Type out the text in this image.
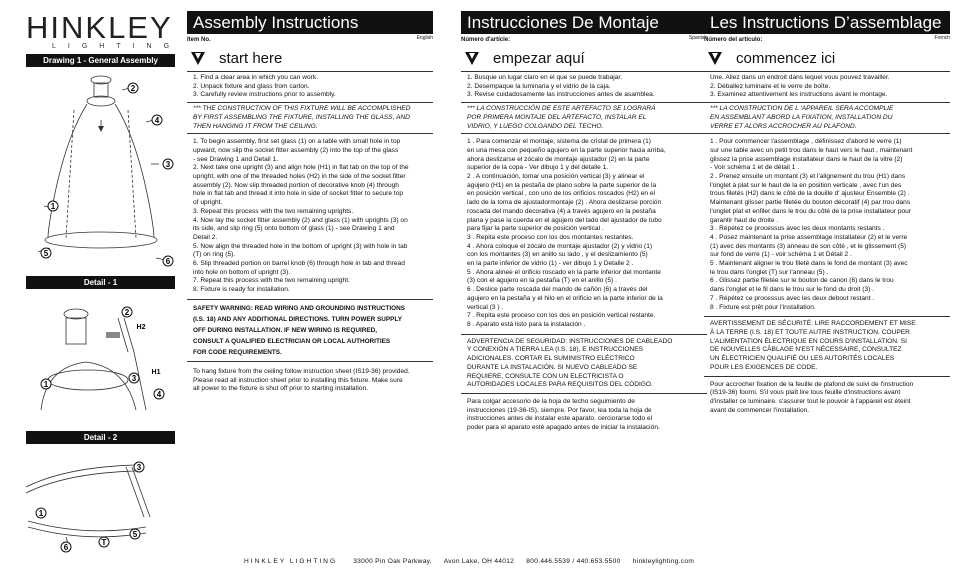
HINKLEY
LIGHTING
Drawing 1 - General Assembly
2
4
3
1
5
6
Detail - 1
2
H2
3
H1
1
4
Detail - 2
3
1
5
6
T
Assembly Instructions
Item No.	English
start here
1. Find a clear area in which you can work.
2. Unpack fixture and glass from carton.
3. Carefully review instructions prior to assembly.
*** THE CONSTRUCTION OF THIS FIXTURE WILL BE ACCOMPLISHED
BY FIRST ASSEMBLING THE FIXTURE, INSTALLING THE GLASS, AND
THEN HANGING IT FROM THE CEILING.
1. To begin assembly, first set glass (1) on a table with small hole in top
upward, now slip the socket fitter assembly (2) into the top of the glass
- see Drawing 1 and Detail 1.
2. Next take one upright (3) and align hole (H1) in flat tab on the top of the
upright, with one of the threaded holes (H2) in the side of the socket fitter
assembly (2). Now slip threaded portion of decorative knob (4) through
hole in flat tab and thread it into hole in side of socket fitter to secure top
of upright.
3. Repeat this process with the two remaining uprights.
4. Now lay the socket fitter assembly (2) and glass (1) with uprights (3) on
its side, and slip ring (5) onto bottom of glass (1) - see Drawing 1 and
Detail 2.
5. Now align the threaded hole in the bottom of upright (3) with hole in tab
(T) on ring (5).
6. Slip threaded portion on barrel knob (6) through hole in tab and thread
into hole on bottom of upright (3).
7. Repeat this process with the two remaining upright.
8. Fixture is ready for installation.
SAFETY WARNING: READ WIRING AND GROUNDING INSTRUCTIONS
(I.S. 18) AND ANY ADDITIONAL DIRECTIONS. TURN POWER SUPPLY
OFF DURING INSTALLATION. IF NEW WIRING IS REQUIRED,
CONSULT A QUALIFIED ELECTRICIAN OR LOCAL AUTHORITIES
FOR CODE REQUIREMENTS.
To hang fixture from the ceiling follow instruction sheet (IS19-36) provided.
Please read all instruction sheet prior to installing this fixture. Make sure
all power to the fixture is shut off prior to starting installation.
Instrucciones De Montaje
Número d'artícle:	Spanish
empezar aquí
1. Busque un lugar claro en el que se puede trabajar.
2. Desempaque la luminaria y el vidrio de la caja.
3. Revise cuidadosamente las instrucciones antes de asamblea.
*** LA CONSTRUCCIÓN DE ESTE ARTEFACTO SE LOGRARÁ
POR PRIMERA MONTAJE DEL ARTEFACTO, INSTALAR EL
VIDRIO, Y LUEGO COLGANDO DEL TECHO.
1 . Para comenzar el montaje, sistema de cristal de primera (1)
en una mesa con pequeño agujero en la parte superior hacia arriba,
ahora deslizarse el zócalo de montaje ajustador (2) en la parte
superior de la copa - Ver dibujo 1 y del detalle 1.
2 . A continuación, tomar una posición vertical (3) y alinear el
agujero (H1) en la pestaña de plano sobre la parte superior de la
en posición vertical , con uno de los orificios roscados (H2) en el
lado de la toma de ajustadormontaje (2) . Ahora deslizarse porción
roscada del mando decorativa (4) a través agujero en la pestaña
plana y pase la cuerda en el agujero del lado del ajustador de tubo
para fijar la parte superior de posición vertical .
3 . Repita este proceso con los dos montantes restantes.
4 . Ahora coloque el zócalo de montaje ajustador (2) y vidrio (1)
con los montantes (3) en anillo su lado , y el deslizamiento (5)
en la parte inferior de vidrio (1) - ver dibujo 1 y Detalle 2 .
5 . Ahora alinee el orificio roscado en la parte inferior del montante
(3) con el agujero en la pestaña (T) en el anillo (5) .
6 . Deslice parte roscada del mando de cañón (6) a través del
agujero en la pestaña y el hilo en el orificio en la parte inferior de la
vertical (3 ) .
7 . Repita este proceso con los dos en posición vertical restante.
8 . Aparato está listo para la instalación .
ADVERTENCIA DE SEGURIDAD: INSTRUCCIONES DE CABLEADO
Y CONEXIÓN A TIERRA LEA (I.S. 18), E INSTRUCCIONES
ADICIONALES. CORTAR EL SUMINISTRO ELÉCTRICO
DURANTE LA INSTALACIÓN. SI NUEVO CABLEADO SE
REQUIERE, CONSULTE CON UN ELECTRICISTA O
AUTORIDADES LOCALES PARA REQUISITOS DEL CÓDIGO.
Para colgar accesorio de la hoja de techo seguimiento de
instrucciones (19-36-IS), siempre. Por favor, lea toda la hoja de
instrucciones antes de instalar este aparato. cerciorarse todo el
poder para el aparato esté apagado antes de iniciar la instalación.
Les Instructions D’assemblage
Número del artículo:	French
commencez ici
Une. Allez dans un endroit dans lequel vous pouvez travailler.
2. Déballez luminaire et le verre de boîte.
3. Examinez attentivement les instructions avant le montage.
*** LA CONSTRUCTION DE L 'APPAREIL SERA ACCOMPLIE
EN ASSEMBLANT ABORD LA FIXATION, INSTALLATION DU
VERRE ET ALORS ACCROCHER AU PLAFOND.
1 . Pour commencer l'assemblage , définissez d'abord le verre (1)
sur une table avec un petit trou dans le haut vers le haut , maintenant
glissez la prise assemblage installateur dans le haut de la vitre (2)
- Voir schéma 1 et de détail 1 .
2 . Prenez ensuite un montant (3) et l'alignement du trou (H1) dans
l'onglet à plat sur le haut de la en position verticale , avec l'un des
trous filetés (H2) dans le côté de la douille d' ajusteur Ensemble (2) .
Maintenant glisser partie filetée du bouton décoratif (4) par trou dans
l'onglet plat et enfiler dans le trou du côté de la prise installateur pour
garantir haut de droite .
3 . Répétez ce processus avec les deux montants restants .
4 . Posez maintenant la prise assemblage installateur (2) et le verre
(1) avec des montants (3) anneau de son côté , et le glissement (5)
sur fond de verre (1) - voir schéma 1 et Détail 2 .
5 . Maintenant aligner le trou fileté dans le fond de montant (3) avec
le trou dans l'onglet (T) sur l'anneau (5) .
6 . Glissez partie filetée sur le bouton de canon (6) dans le trou
dans l'onglet et le fil dans le trou sur le fond du droit (3) .
7 . Répétez ce processus avec les deux debout restant .
8 . Fixture est prêt pour l'installation.
AVERTISSEMENT DE SÉCURITÉ: LIRE RACCORDEMENT ET MISE
À LA TERRE (I.S. 18) ET TOUTE AUTRE INSTRUCTION. COUPER
L'ALIMENTATION ÉLECTRIQUE EN COURS D'INSTALLATION. SI
DE NOUVELLES CÂBLAGE N'EST NÉCESSAIRE, CONSULTEZ
UN ÉLECTRICIEN QUALIFIÉ OU LES AUTORITÉS LOCALES
POUR LES EXIGENCES DE CODE.
Pour accrocher fixation de la feuille de plafond de suivi de l'instruction
(IS19-36) fourni. S'il vous plaît lire tous feuille d'instructions avant
d'installer ce luminaire. s'assurer tout le pouvoir à l'appareil est éteint
avant de commencer l'installation.
HINKLEY LIGHTING 33000 Pin Oak Parkway, Avon Lake, OH 44012 800.446.5539 / 440.653.5500 hinkleylighting.com
